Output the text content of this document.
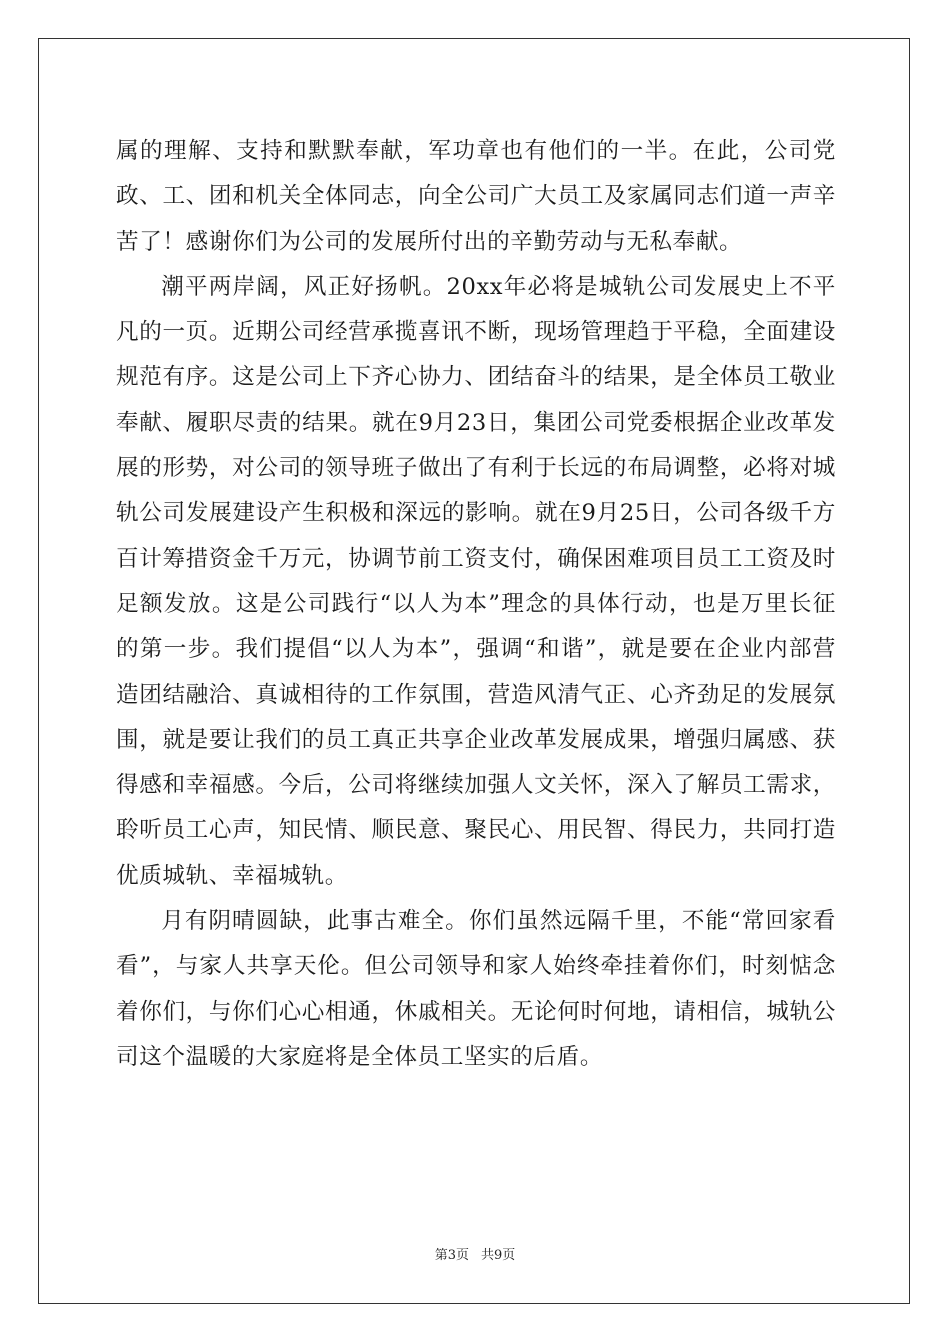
属的理解、支持和默默奉献，军功章也有他们的一半。在此，公司党政、工、团和机关全体同志，向全公司广大员工及家属同志们道一声辛苦了！感谢你们为公司的发展所付出的辛勤劳动与无私奉献。

潮平两岸阔，风正好扬帆。20xx年必将是城轨公司发展史上不平凡的一页。近期公司经营承揽喜讯不断，现场管理趋于平稳，全面建设规范有序。这是公司上下齐心协力、团结奋斗的结果，是全体员工敬业奉献、履职尽责的结果。就在9月23日，集团公司党委根据企业改革发展的形势，对公司的领导班子做出了有利于长远的布局调整，必将对城轨公司发展建设产生积极和深远的影响。就在9月25日，公司各级千方百计筹措资金千万元，协调节前工资支付，确保困难项目员工工资及时足额发放。这是公司践行“以人为本”理念的具体行动，也是万里长征的第一步。我们提倡“以人为本”，强调“和谐”，就是要在企业内部营造团结融洽、真诚相待的工作氛围，营造风清气正、心齐劲足的发展氛围，就是要让我们的员工真正共享企业改革发展成果，增强归属感、获得感和幸福感。今后，公司将继续加强人文关怀，深入了解员工需求，聆听员工心声，知民情、顺民意、聚民心、用民智、得民力，共同打造优质城轨、幸福城轨。

月有阴晴圆缺，此事古难全。你们虽然远隔千里，不能“常回家看看”，与家人共享天伦。但公司领导和家人始终牵挂着你们，时刻惦念着你们，与你们心心相通，休戚相关。无论何时何地，请相信，城轨公司这个温暖的大家庭将是全体员工坚实的后盾。

第3页 共9页
